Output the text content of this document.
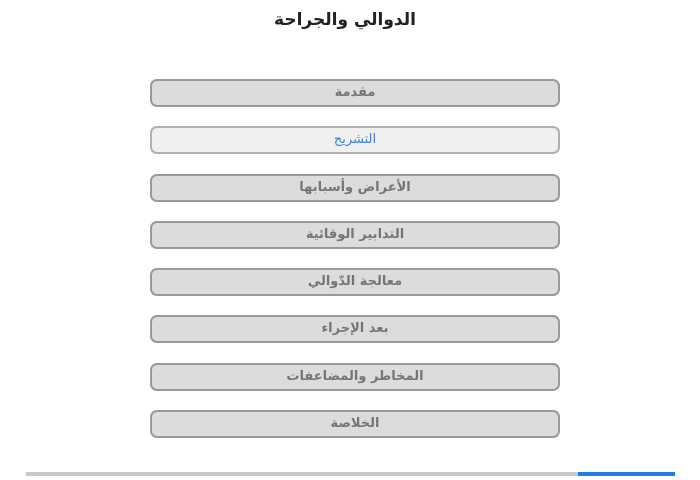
الدوالي والجراحة
مقدمة
التشريح
الأعراض وأسبابها
التدابير الوقائية
معالجة الدّوالي
بعد الإجراء
المخاطر والمضاعفات
الخلاصة
